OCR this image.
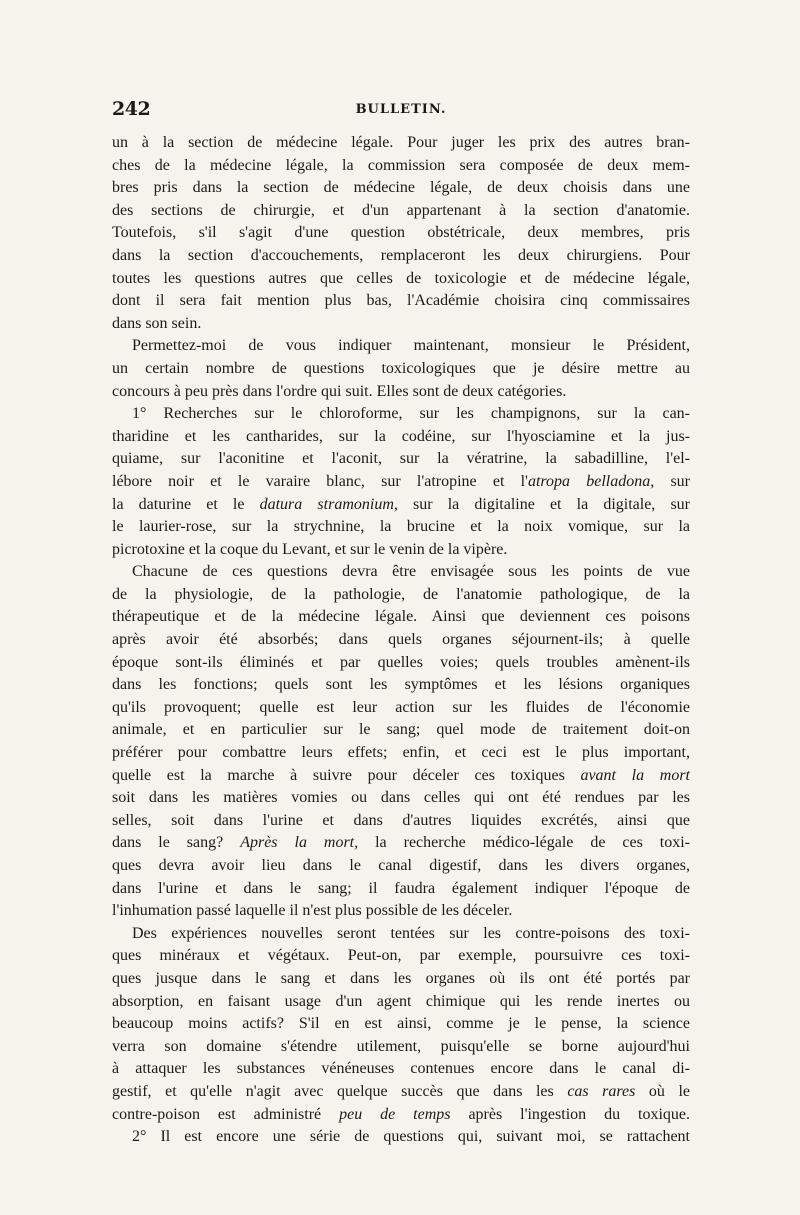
242	BULLETIN.
un à la section de médecine légale. Pour juger les prix des autres bran-
ches de la médecine légale, la commission sera composée de deux mem-
bres pris dans la section de médecine légale, de deux choisis dans une
des sections de chirurgie, et d'un appartenant à la section d'anatomie.
Toutefois, s'il s'agit d'une question obstétricale, deux membres, pris
dans la section d'accouchements, remplaceront les deux chirurgiens. Pour
toutes les questions autres que celles de toxicologie et de médecine légale,
dont il sera fait mention plus bas, l'Académie choisira cinq commissaires
dans son sein.
Permettez-moi de vous indiquer maintenant, monsieur le Président,
un certain nombre de questions toxicologiques que je désire mettre au
concours à peu près dans l'ordre qui suit. Elles sont de deux catégories.
1° Recherches sur le chloroforme, sur les champignons, sur la can-
tharidine et les cantharides, sur la codéine, sur l'hyosciamine et la jus-
quiame, sur l'aconitine et l'aconit, sur la vératrine, la sabadilline, l'el-
lébore noir et le varaire blanc, sur l'atropine et l'atropa belladona, sur
la daturine et le datura stramonium, sur la digitaline et la digitale, sur
le laurier-rose, sur la strychnine, la brucine et la noix vomique, sur la
picrotoxine et la coque du Levant, et sur le venin de la vipère.
Chacune de ces questions devra être envisagée sous les points de vue
de la physiologie, de la pathologie, de l'anatomie pathologique, de la
thérapeutique et de la médecine légale. Ainsi que deviennent ces poisons
après avoir été absorbés; dans quels organes séjournent-ils; à quelle
époque sont-ils éliminés et par quelles voies; quels troubles amènent-ils
dans les fonctions; quels sont les symptômes et les lésions organiques
qu'ils provoquent; quelle est leur action sur les fluides de l'économie
animale, et en particulier sur le sang; quel mode de traitement doit-on
préférer pour combattre leurs effets; enfin, et ceci est le plus important,
quelle est la marche à suivre pour déceler ces toxiques avant la mort
soit dans les matières vomies ou dans celles qui ont été rendues par les
selles, soit dans l'urine et dans d'autres liquides excrétés, ainsi que
dans le sang? Après la mort, la recherche médico-légale de ces toxi-
ques devra avoir lieu dans le canal digestif, dans les divers organes,
dans l'urine et dans le sang; il faudra également indiquer l'époque de
l'inhumation passé laquelle il n'est plus possible de les déceler.
Des expériences nouvelles seront tentées sur les contre-poisons des toxi-
ques minéraux et végétaux. Peut-on, par exemple, poursuivre ces toxi-
ques jusque dans le sang et dans les organes où ils ont été portés par
absorption, en faisant usage d'un agent chimique qui les rende inertes ou
beaucoup moins actifs? S'il en est ainsi, comme je le pense, la science
verra son domaine s'étendre utilement, puisqu'elle se borne aujourd'hui
à attaquer les substances vénéneuses contenues encore dans le canal di-
gestif, et qu'elle n'agit avec quelque succès que dans les cas rares où le
contre-poison est administré peu de temps après l'ingestion du toxique.
2° Il est encore une série de questions qui, suivant moi, se rattachent
